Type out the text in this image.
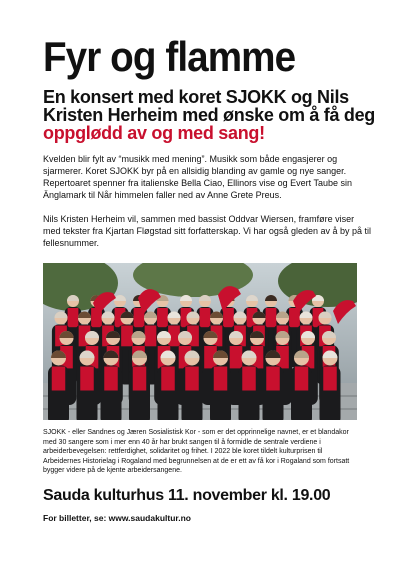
Fyr og flamme
En konsert med koret SJOKK og Nils Kristen Herheim med ønske om å få deg oppglødd av og med sang!
Kvelden blir fylt av “musikk med mening”. Musikk som både engasjerer og sjarmerer. Koret SJOKK byr på en allsidig blanding av gamle og nye sanger. Repertoaret spenner fra italienske Bella Ciao, Ellinors vise og Evert Taube sin Änglamark til Når himmelen faller ned av Anne Grete Preus.
Nils Kristen Herheim vil, sammen med bassist Oddvar Wiersen, framføre viser med tekster fra Kjartan Fløgstad sitt forfatterskap. Vi har også gleden av å by på til fellesnummer.
SJOKK - eller Sandnes og Jæren Sosialistisk Kor - som er det opprinnelige navnet, er et blandakor med 30 sangere som i mer enn 40 år har brukt sangen til å formidle de sentrale verdiene i arbeiderbevegelsen: rettferdighet, solidaritet og frihet. I 2022 ble koret tildelt kulturprisen til Arbeidernes Historielag i Rogaland med begrunnelsen at de er ett av få kor i Rogaland som fortsatt bygger videre på de kjente arbeidersangene.
Sauda kulturhus 11. november kl. 19.00
For billetter, se: www.saudakultur.no
